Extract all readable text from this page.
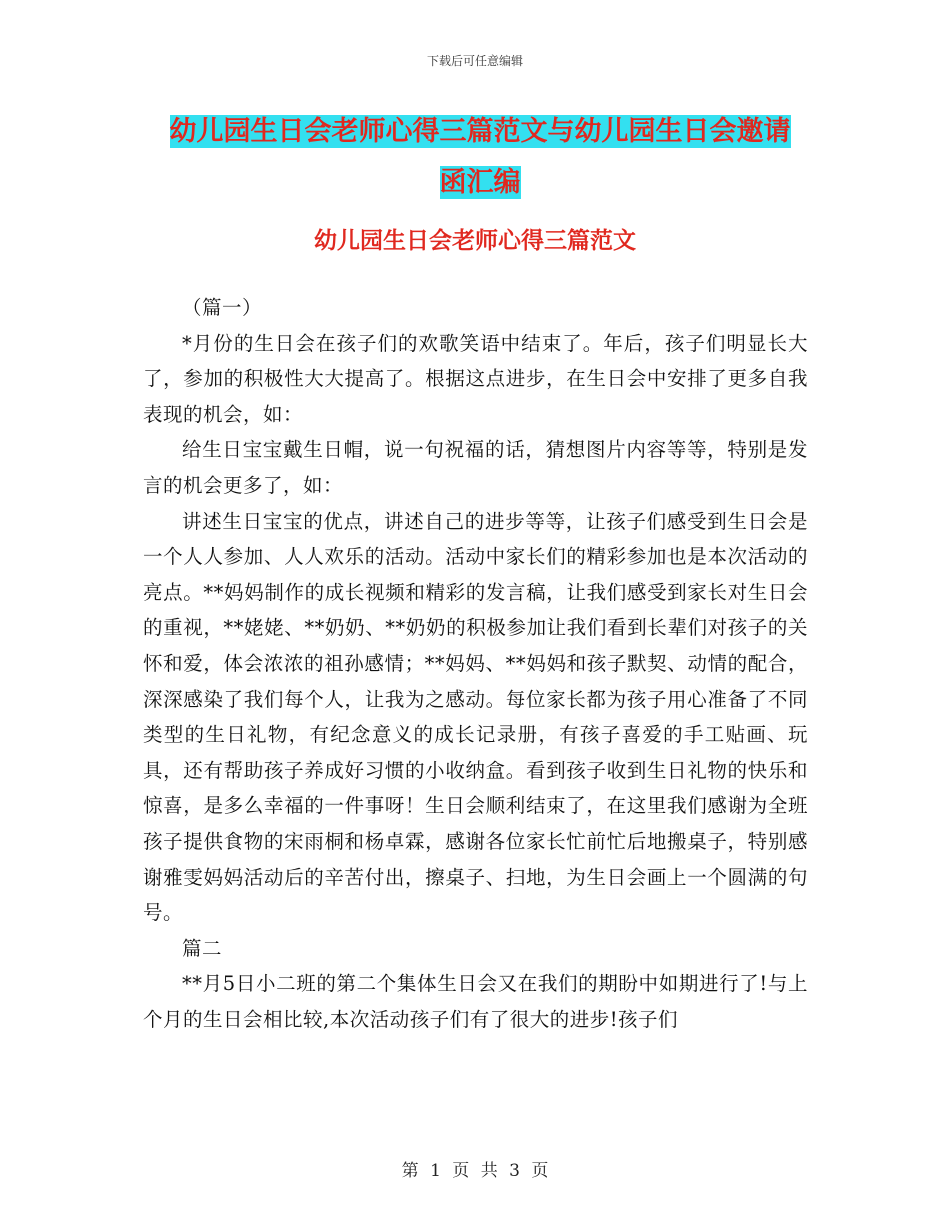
下载后可任意编辑
幼儿园生日会老师心得三篇范文与幼儿园生日会邀请
函汇编
幼儿园生日会老师心得三篇范文

（篇一）

*月份的生日会在孩子们的欢歌笑语中结束了。年后，孩子们明显长大了，参加的积极性大大提高了。根据这点进步，在生日会中安排了更多自我表现的机会，如：

给生日宝宝戴生日帽，说一句祝福的话，猜想图片内容等等，特别是发言的机会更多了，如：

讲述生日宝宝的优点，讲述自己的进步等等，让孩子们感受到生日会是一个人人参加、人人欢乐的活动。活动中家长们的精彩参加也是本次活动的亮点。**妈妈制作的成长视频和精彩的发言稿，让我们感受到家长对生日会的重视，**姥姥、**奶奶、**奶奶的积极参加让我们看到长辈们对孩子的关怀和爱，体会浓浓的祖孙感情；**妈妈、**妈妈和孩子默契、动情的配合，深深感染了我们每个人，让我为之感动。每位家长都为孩子用心准备了不同类型的生日礼物，有纪念意义的成长记录册，有孩子喜爱的手工贴画、玩具，还有帮助孩子养成好习惯的小收纳盒。看到孩子收到生日礼物的快乐和惊喜，是多么幸福的一件事呀！生日会顺利结束了，在这里我们感谢为全班孩子提供食物的宋雨桐和杨卓霖，感谢各位家长忙前忙后地搬桌子，特别感谢雅雯妈妈活动后的辛苦付出，擦桌子、扫地，为生日会画上一个圆满的句号。

篇二

**月5日小二班的第二个集体生日会又在我们的期盼中如期进行了!与上个月的生日会相比较,本次活动孩子们有了很大的进步!孩子们

第 1 页 共 3 页
